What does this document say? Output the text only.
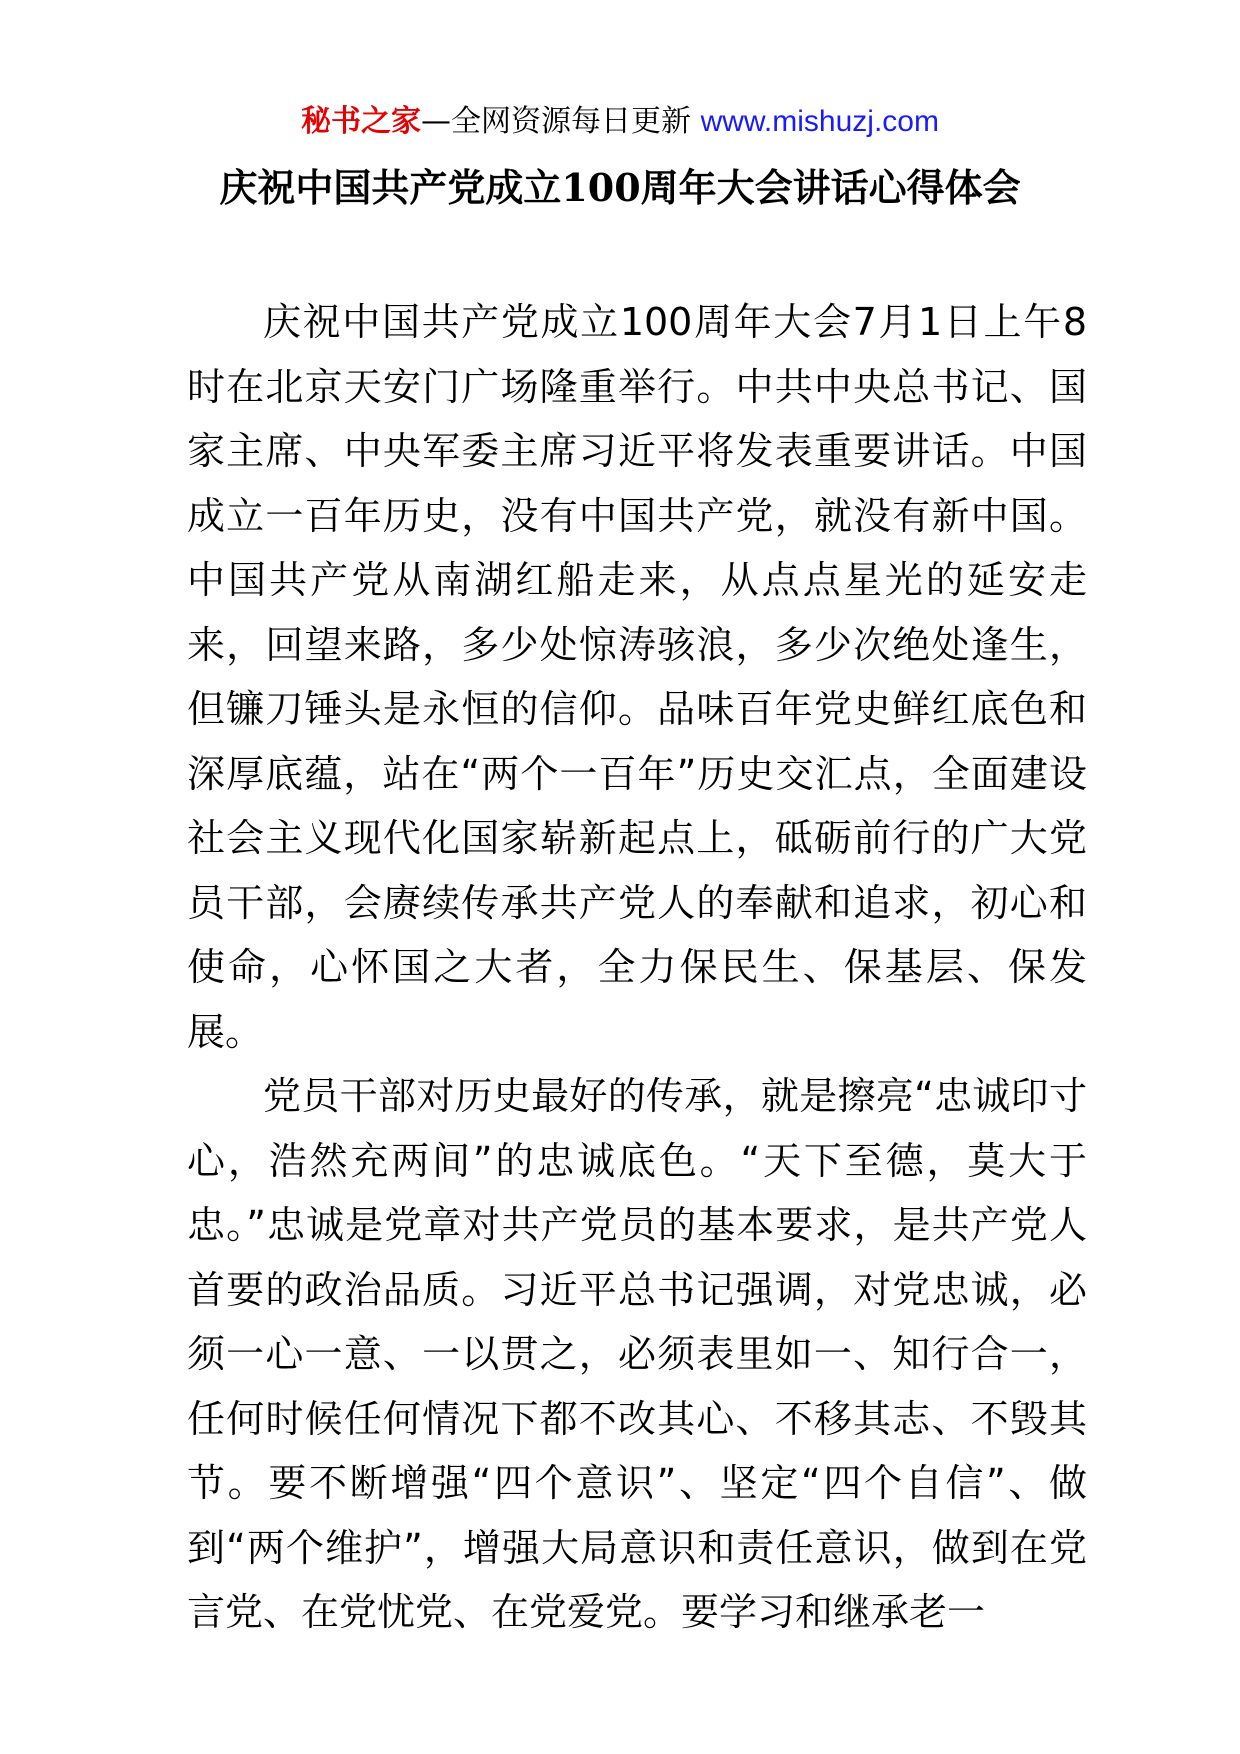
秘书之家—全网资源每日更新 www.mishuzj.com
庆祝中国共产党成立100周年大会讲话心得体会

庆祝中国共产党成立100周年大会7月1日上午8时在北京天安门广场隆重举行。中共中央总书记、国家主席、中央军委主席习近平将发表重要讲话。中国成立一百年历史，没有中国共产党，就没有新中国。中国共产党从南湖红船走来，从点点星光的延安走来，回望来路，多少处惊涛骇浪，多少次绝处逢生，但镰刀锤头是永恒的信仰。品味百年党史鲜红底色和深厚底蕴，站在“两个一百年”历史交汇点，全面建设社会主义现代化国家崭新起点上，砥砺前行的广大党员干部，会赓续传承共产党人的奉献和追求，初心和使命，心怀国之大者，全力保民生、保基层、保发展。

党员干部对历史最好的传承，就是擦亮“忠诚印寸心，浩然充两间”的忠诚底色。“天下至德，莫大于忠。”忠诚是党章对共产党员的基本要求，是共产党人首要的政治品质。习近平总书记强调，对党忠诚，必须一心一意、一以贯之，必须表里如一、知行合一，任何时候任何情况下都不改其心、不移其志、不毁其节。要不断增强“四个意识”、坚定“四个自信”、做到“两个维护”，增强大局意识和责任意识，做到在党言党、在党忧党、在党爱党。要学习和继承老一
